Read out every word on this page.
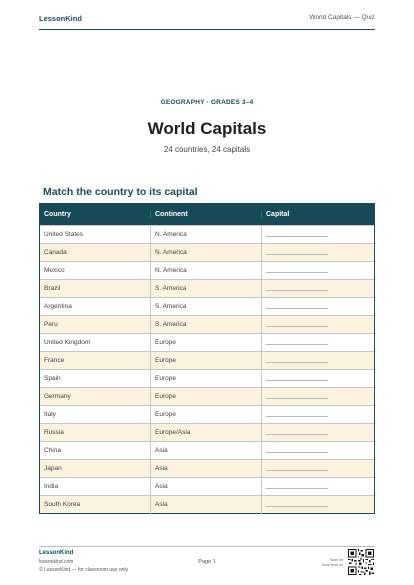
LessonKind	World Capitals — Quiz
GEOGRAPHY · GRADES 3–4
World Capitals
24 countries, 24 capitals
Match the country to its capital
Country	Continent	Capital
United States	N. America
Canada	N. America
Mexico	N. America
Brazil	S. America
Argentina	S. America
Peru	S. America
United Kingdom	Europe
France	Europe
Spain	Europe
Germany	Europe
Italy	Europe
Russia	Europe/Asia
China	Asia
Japan	Asia
India	Asia
South Korea	Asia
LessonKind
lessonkind.com
© LessonKind — for classroom use only
Page 1	Scan for
more from us
